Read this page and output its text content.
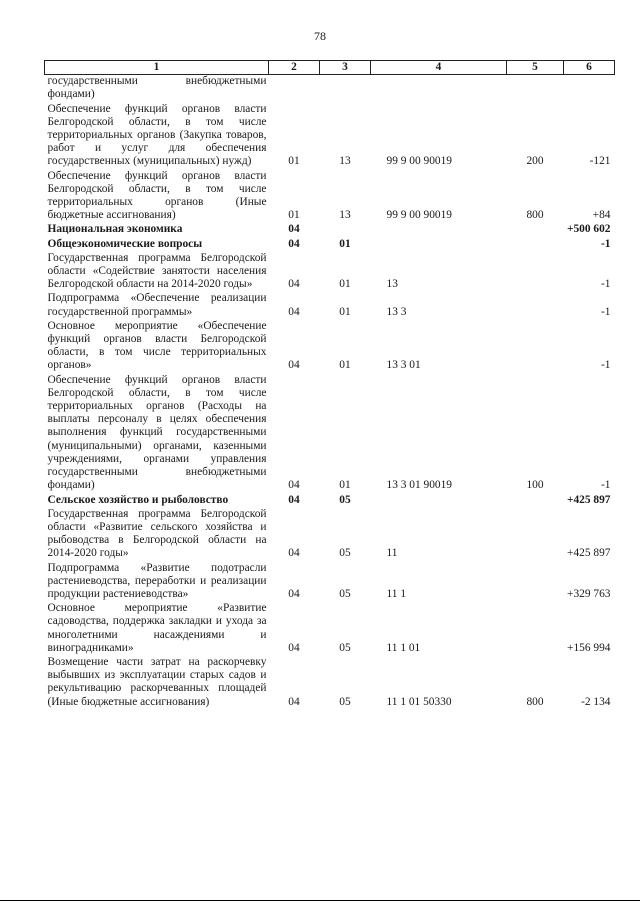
78
1	2	3	4	5	6
государственными внебюджетными фондами)					
Обеспечение функций органов власти Белгородской области, в том числе территориальных органов (Закупка товаров, работ и услуг для обеспечения государственных (муниципальных) нужд)	01	13	99 9 00 90019	200	-121
Обеспечение функций органов власти Белгородской области, в том числе территориальных органов (Иные бюджетные ассигнования)	01	13	99 9 00 90019	800	+84
Национальная экономика	04				+500 602
Общеэкономические вопросы	04	01			-1
Государственная программа Белгородской области «Содействие занятости населения Белгородской области на 2014-2020 годы»	04	01	13		-1
Подпрограмма «Обеспечение реализации государственной программы»	04	01	13 3		-1
Основное мероприятие «Обеспечение функций органов власти Белгородской области, в том числе территориальных органов»	04	01	13 3 01		-1
Обеспечение функций органов власти Белгородской области, в том числе территориальных органов (Расходы на выплаты персоналу в целях обеспечения выполнения функций государственными (муниципальными) органами, казенными учреждениями, органами управления государственными внебюджетными фондами)	04	01	13 3 01 90019	100	-1
Сельское хозяйство и рыболовство	04	05			+425 897
Государственная программа Белгородской области «Развитие сельского хозяйства и рыбоводства в Белгородской области на 2014-2020 годы»	04	05	11		+425 897
Подпрограмма «Развитие подотрасли растениеводства, переработки и реализации продукции растениеводства»	04	05	11 1		+329 763
Основное мероприятие «Развитие садоводства, поддержка закладки и ухода за многолетними насаждениями и виноградниками»	04	05	11 1 01		+156 994
Возмещение части затрат на раскорчевку выбывших из эксплуатации старых садов и рекультивацию раскорчеванных площадей (Иные бюджетные ассигнования)	04	05	11 1 01 50330	800	-2 134
